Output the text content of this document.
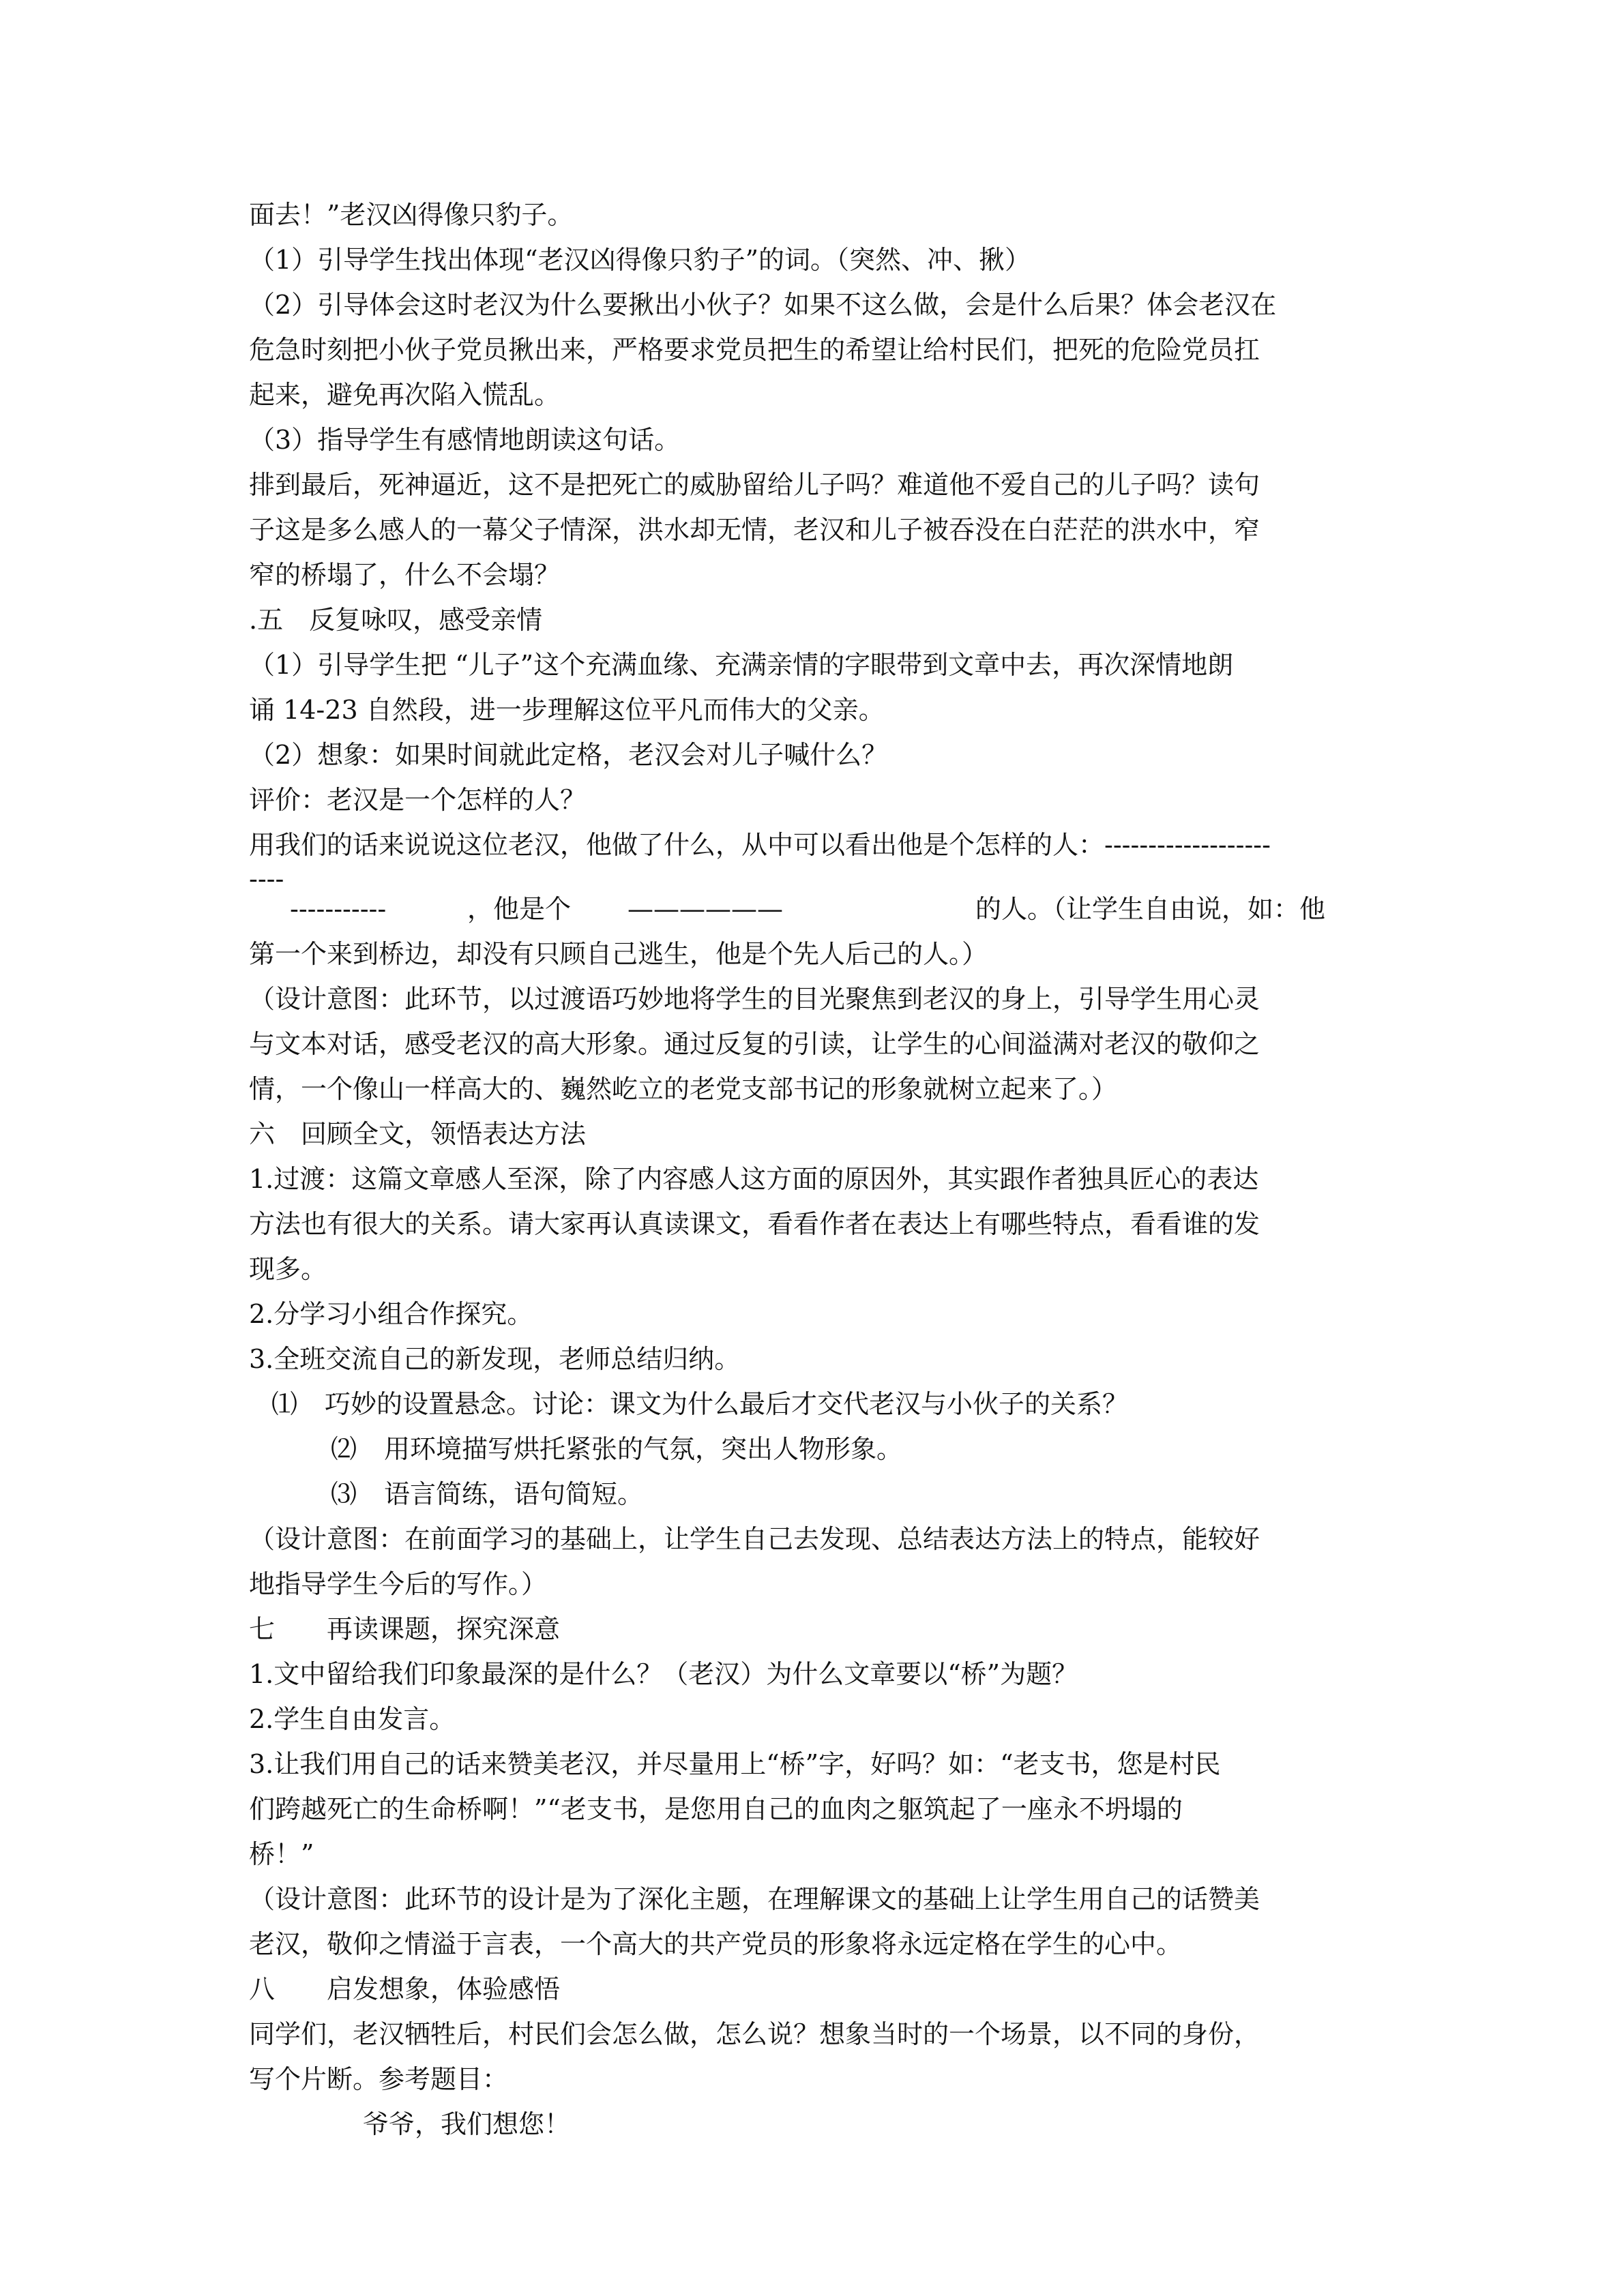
面去！”老汉凶得像只豹子。
（1）引导学生找出体现“老汉凶得像只豹子”的词。（突然、冲、揪）
（2）引导体会这时老汉为什么要揪出小伙子？如果不这么做，会是什么后果？体会老汉在
危急时刻把小伙子党员揪出来，严格要求党员把生的希望让给村民们，把死的危险党员扛
起来，避免再次陷入慌乱。
（3）指导学生有感情地朗读这句话。
排到最后，死神逼近，这不是把死亡的威胁留给儿子吗？难道他不爱自己的儿子吗？读句
子这是多么感人的一幕父子情深，洪水却无情，老汉和儿子被吞没在白茫茫的洪水中，窄
窄的桥塌了，什么不会塌？
.五　反复咏叹，感受亲情
（1）引导学生把 “儿子”这个充满血缘、充满亲情的字眼带到文章中去，再次深情地朗
诵 14-23 自然段，进一步理解这位平凡而伟大的父亲。
（2）想象：如果时间就此定格，老汉会对儿子喊什么？
评价：老汉是一个怎样的人？
用我们的话来说说这位老汉，他做了什么，从中可以看出他是个怎样的人：-------------------
----
-----------	，他是个 ——————	的人。（让学生自由说，如：他
第一个来到桥边，却没有只顾自己逃生，他是个先人后己的人。）
（设计意图：此环节，以过渡语巧妙地将学生的目光聚焦到老汉的身上，引导学生用心灵
与文本对话，感受老汉的高大形象。通过反复的引读，让学生的心间溢满对老汉的敬仰之
情，一个像山一样高大的、巍然屹立的老党支部书记的形象就树立起来了。）
六　回顾全文，领悟表达方法
1.过渡：这篇文章感人至深，除了内容感人这方面的原因外，其实跟作者独具匠心的表达
方法也有很大的关系。请大家再认真读课文，看看作者在表达上有哪些特点，看看谁的发
现多。
2.分学习小组合作探究。
3.全班交流自己的新发现，老师总结归纳。
⑴ 巧妙的设置悬念。讨论：课文为什么最后才交代老汉与小伙子的关系？
⑵ 用环境描写烘托紧张的气氛，突出人物形象。
⑶ 语言简练，语句简短。
（设计意图：在前面学习的基础上，让学生自己去发现、总结表达方法上的特点，能较好
地指导学生今后的写作。）
七　　再读课题，探究深意
1.文中留给我们印象最深的是什么？（老汉）为什么文章要以“桥”为题？
2.学生自由发言。
3.让我们用自己的话来赞美老汉，并尽量用上“桥”字，好吗？如：“老支书，您是村民
们跨越死亡的生命桥啊！”“老支书，是您用自己的血肉之躯筑起了一座永不坍塌的
桥！”
（设计意图：此环节的设计是为了深化主题，在理解课文的基础上让学生用自己的话赞美
老汉，敬仰之情溢于言表，一个高大的共产党员的形象将永远定格在学生的心中。
八　　启发想象，体验感悟
同学们，老汉牺牲后，村民们会怎么做，怎么说？想象当时的一个场景，以不同的身份，
写个片断。参考题目：
爷爷，我们想您！
